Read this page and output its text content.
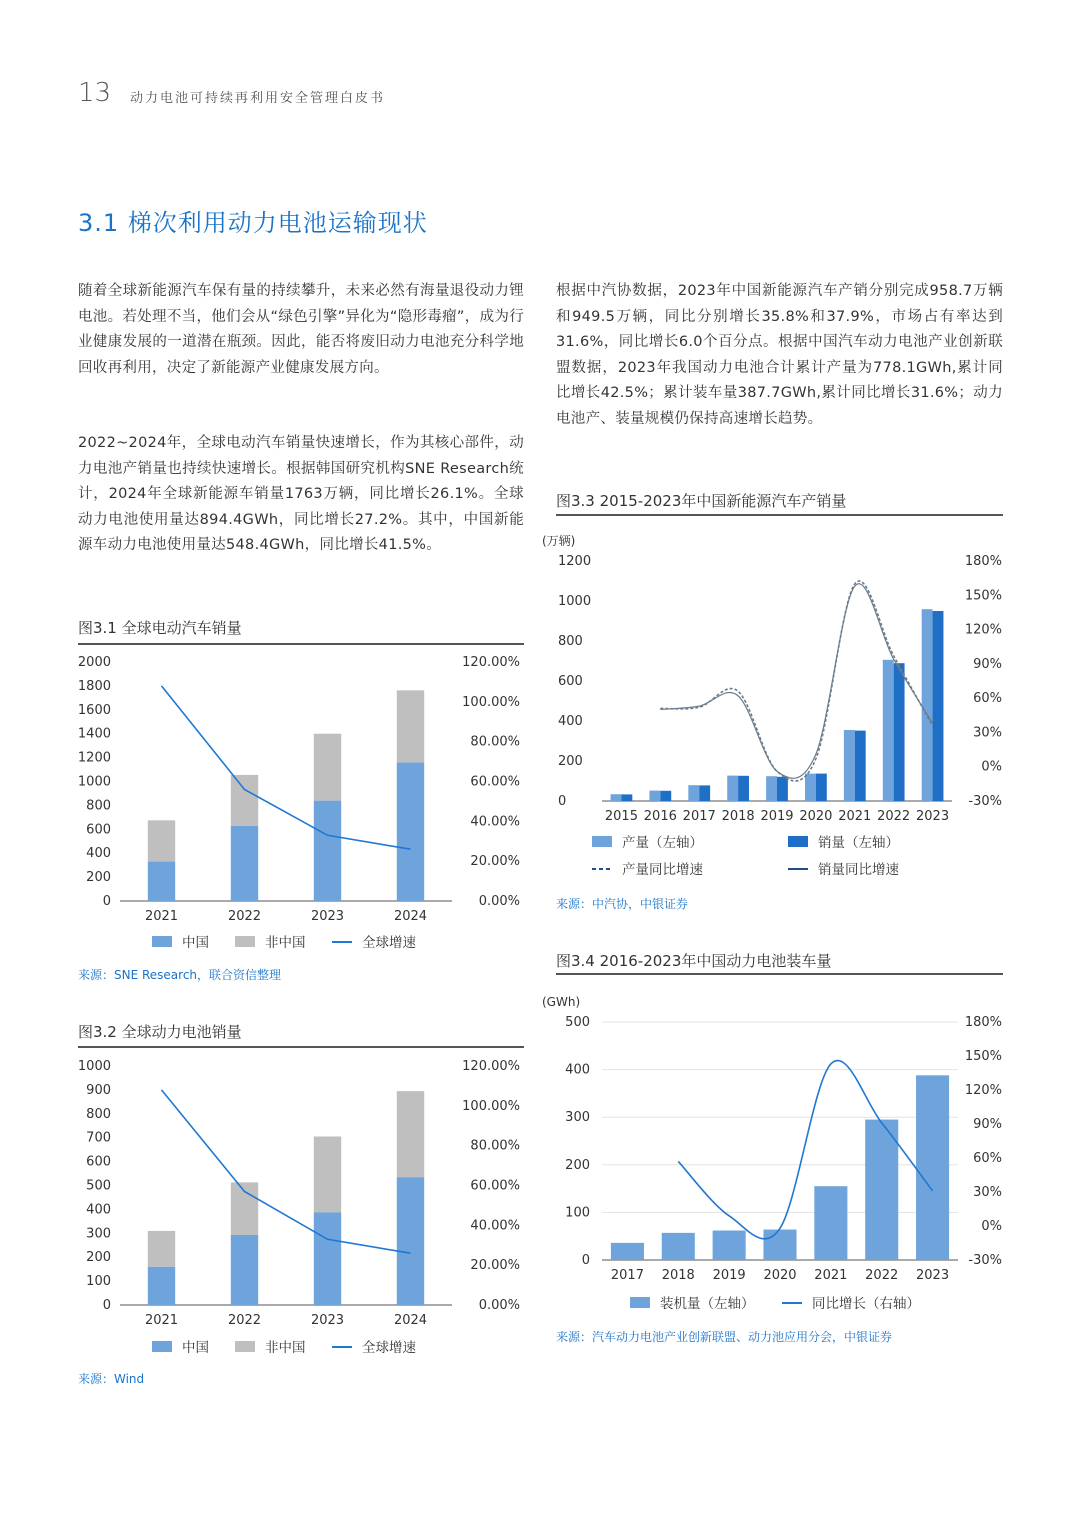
13 动力电池可持续再利用安全管理白皮书
3.1 梯次利用动力电池运输现状
随着全球新能源汽车保有量的持续攀升，未来必然有海量退役动力锂电池。若处理不当，他们会从“绿色引擎”异化为“隐形毒瘤”，成为行业健康发展的一道潜在瓶颈。因此，能否将废旧动力电池充分科学地回收再利用，决定了新能源产业健康发展方向。
2022~2024年，全球电动汽车销量快速增长，作为其核心部件，动力电池产销量也持续快速增长。根据韩国研究机构SNE Research统计，2024年全球新能源车销量1763万辆，同比增长26.1%。全球动力电池使用量达894.4GWh，同比增长27.2%。其中，中国新能源车动力电池使用量达548.4GWh，同比增长41.5%。
根据中汽协数据，2023年中国新能源汽车产销分别完成958.7万辆和949.5万辆，同比分别增长35.8%和37.9%，市场占有率达到31.6%，同比增长6.0个百分点。根据中国汽车动力电池产业创新联盟数据，2023年我国动力电池合计累计产量为778.1GWh,累计同比增长42.5%；累计装车量387.7GWh,累计同比增长31.6%；动力电池产、装量规模仍保持高速增长趋势。
图3.1 全球电动汽车销量
0
200
400
600
800
1000
1200
1400
1600
1800
2000
0.00%
20.00%
40.00%
60.00%
80.00%
100.00%
120.00%
2021	2022	2023	2024
中国	非中国	全球增速
来源：SNE Research，联合资信整理
图3.2 全球动力电池销量
0
100
200
300
400
500
600
700
800
900
1000
0.00%
20.00%
40.00%
60.00%
80.00%
100.00%
120.00%
2021	2022	2023	2024
中国	非中国	全球增速
来源：Wind
图3.3 2015-2023年中国新能源汽车产销量
(万辆)
0
200
400
600
800
1000
1200
-30%
0%
30%
60%
90%
120%
150%
180%
2015 2016 2017 2018 2019 2020 2021 2022 2023
产量（左轴）	销量（左轴）
产量同比增速	销量同比增速
来源：中汽协，中银证券
图3.4 2016-2023年中国动力电池装车量
(GWh)
0
100
200
300
400
500
-30%
0%
30%
60%
90%
120%
150%
180%
2017 2018 2019 2020 2021 2022 2023
装机量（左轴）	同比增长（右轴）
来源：汽车动力电池产业创新联盟、动力池应用分会，中银证券
